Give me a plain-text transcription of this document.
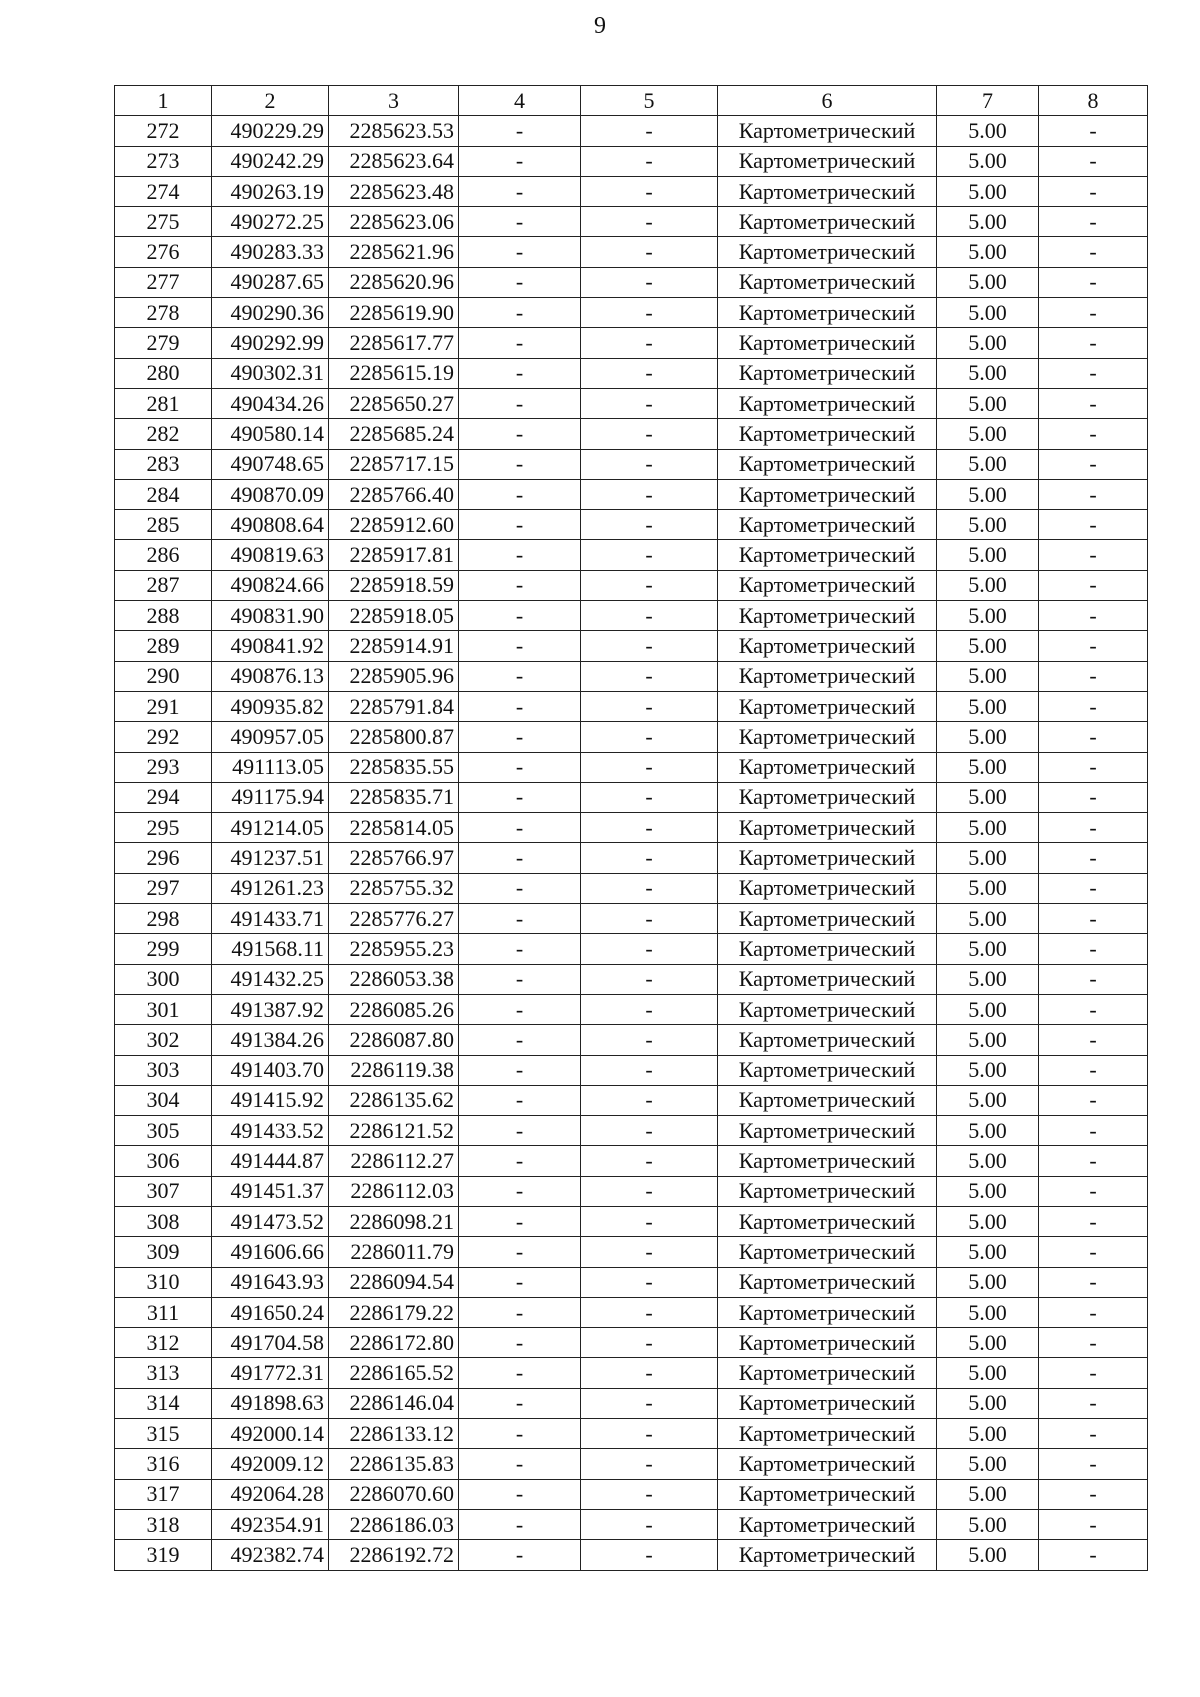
9
1	2	3	4	5	6	7	8
272	490229.29	2285623.53	-	-	Картометрический	5.00	-
273	490242.29	2285623.64	-	-	Картометрический	5.00	-
274	490263.19	2285623.48	-	-	Картометрический	5.00	-
275	490272.25	2285623.06	-	-	Картометрический	5.00	-
276	490283.33	2285621.96	-	-	Картометрический	5.00	-
277	490287.65	2285620.96	-	-	Картометрический	5.00	-
278	490290.36	2285619.90	-	-	Картометрический	5.00	-
279	490292.99	2285617.77	-	-	Картометрический	5.00	-
280	490302.31	2285615.19	-	-	Картометрический	5.00	-
281	490434.26	2285650.27	-	-	Картометрический	5.00	-
282	490580.14	2285685.24	-	-	Картометрический	5.00	-
283	490748.65	2285717.15	-	-	Картометрический	5.00	-
284	490870.09	2285766.40	-	-	Картометрический	5.00	-
285	490808.64	2285912.60	-	-	Картометрический	5.00	-
286	490819.63	2285917.81	-	-	Картометрический	5.00	-
287	490824.66	2285918.59	-	-	Картометрический	5.00	-
288	490831.90	2285918.05	-	-	Картометрический	5.00	-
289	490841.92	2285914.91	-	-	Картометрический	5.00	-
290	490876.13	2285905.96	-	-	Картометрический	5.00	-
291	490935.82	2285791.84	-	-	Картометрический	5.00	-
292	490957.05	2285800.87	-	-	Картометрический	5.00	-
293	491113.05	2285835.55	-	-	Картометрический	5.00	-
294	491175.94	2285835.71	-	-	Картометрический	5.00	-
295	491214.05	2285814.05	-	-	Картометрический	5.00	-
296	491237.51	2285766.97	-	-	Картометрический	5.00	-
297	491261.23	2285755.32	-	-	Картометрический	5.00	-
298	491433.71	2285776.27	-	-	Картометрический	5.00	-
299	491568.11	2285955.23	-	-	Картометрический	5.00	-
300	491432.25	2286053.38	-	-	Картометрический	5.00	-
301	491387.92	2286085.26	-	-	Картометрический	5.00	-
302	491384.26	2286087.80	-	-	Картометрический	5.00	-
303	491403.70	2286119.38	-	-	Картометрический	5.00	-
304	491415.92	2286135.62	-	-	Картометрический	5.00	-
305	491433.52	2286121.52	-	-	Картометрический	5.00	-
306	491444.87	2286112.27	-	-	Картометрический	5.00	-
307	491451.37	2286112.03	-	-	Картометрический	5.00	-
308	491473.52	2286098.21	-	-	Картометрический	5.00	-
309	491606.66	2286011.79	-	-	Картометрический	5.00	-
310	491643.93	2286094.54	-	-	Картометрический	5.00	-
311	491650.24	2286179.22	-	-	Картометрический	5.00	-
312	491704.58	2286172.80	-	-	Картометрический	5.00	-
313	491772.31	2286165.52	-	-	Картометрический	5.00	-
314	491898.63	2286146.04	-	-	Картометрический	5.00	-
315	492000.14	2286133.12	-	-	Картометрический	5.00	-
316	492009.12	2286135.83	-	-	Картометрический	5.00	-
317	492064.28	2286070.60	-	-	Картометрический	5.00	-
318	492354.91	2286186.03	-	-	Картометрический	5.00	-
319	492382.74	2286192.72	-	-	Картометрический	5.00	-
